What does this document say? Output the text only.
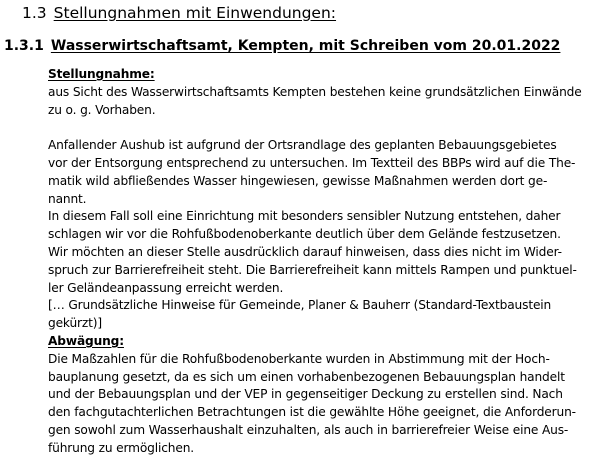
1.3 Stellungnahmen mit Einwendungen:
1.3.1 Wasserwirtschaftsamt, Kempten, mit Schreiben vom 20.01.2022
Stellungnahme:
aus Sicht des Wasserwirtschaftsamts Kempten bestehen keine grundsätzlichen Einwände
zu o. g. Vorhaben.
Anfallender Aushub ist aufgrund der Ortsrandlage des geplanten Bebauungsgebietes
vor der Entsorgung entsprechend zu untersuchen. Im Textteil des BBPs wird auf die The-
matik wild abfließendes Wasser hingewiesen, gewisse Maßnahmen werden dort ge-
nannt.
In diesem Fall soll eine Einrichtung mit besonders sensibler Nutzung entstehen, daher
schlagen wir vor die Rohfußbodenoberkante deutlich über dem Gelände festzusetzen.
Wir möchten an dieser Stelle ausdrücklich darauf hinweisen, dass dies nicht im Wider-
spruch zur Barrierefreiheit steht. Die Barrierefreiheit kann mittels Rampen und punktuel-
ler Geländeanpassung erreicht werden.
[… Grundsätzliche Hinweise für Gemeinde, Planer & Bauherr (Standard-Textbaustein
gekürzt)]
Abwägung:
Die Maßzahlen für die Rohfußbodenoberkante wurden in Abstimmung mit der Hoch-
bauplanung gesetzt, da es sich um einen vorhabenbezogenen Bebauungsplan handelt
und der Bebauungsplan und der VEP in gegenseitiger Deckung zu erstellen sind. Nach
den fachgutachterlichen Betrachtungen ist die gewählte Höhe geeignet, die Anforderun-
gen sowohl zum Wasserhaushalt einzuhalten, als auch in barrierefreier Weise eine Aus-
führung zu ermöglichen.
